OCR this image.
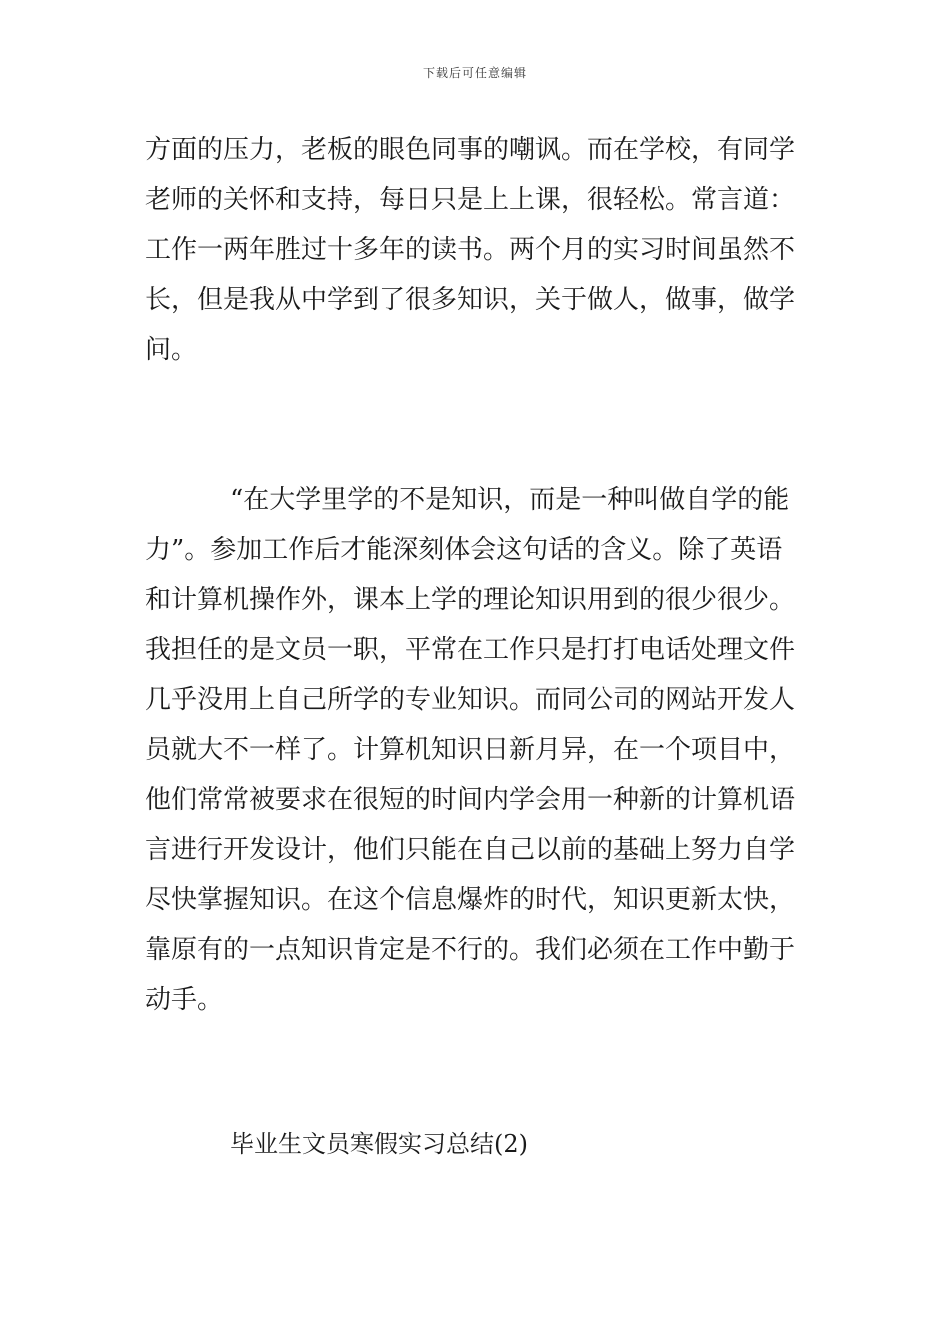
下载后可任意编辑
方面的压力，老板的眼色同事的嘲讽。而在学校，有同学
老师的关怀和支持，每日只是上上课，很轻松。常言道：
工作一两年胜过十多年的读书。两个月的实习时间虽然不
长，但是我从中学到了很多知识，关于做人，做事，做学
问。
“在大学里学的不是知识，而是一种叫做自学的能
力”。参加工作后才能深刻体会这句话的含义。除了英语
和计算机操作外，课本上学的理论知识用到的很少很少。
我担任的是文员一职，平常在工作只是打打电话处理文件
几乎没用上自己所学的专业知识。而同公司的网站开发人
员就大不一样了。计算机知识日新月异，在一个项目中，
他们常常被要求在很短的时间内学会用一种新的计算机语
言进行开发设计，他们只能在自己以前的基础上努力自学
尽快掌握知识。在这个信息爆炸的时代，知识更新太快，
靠原有的一点知识肯定是不行的。我们必须在工作中勤于
动手。
毕业生文员寒假实习总结(2)
